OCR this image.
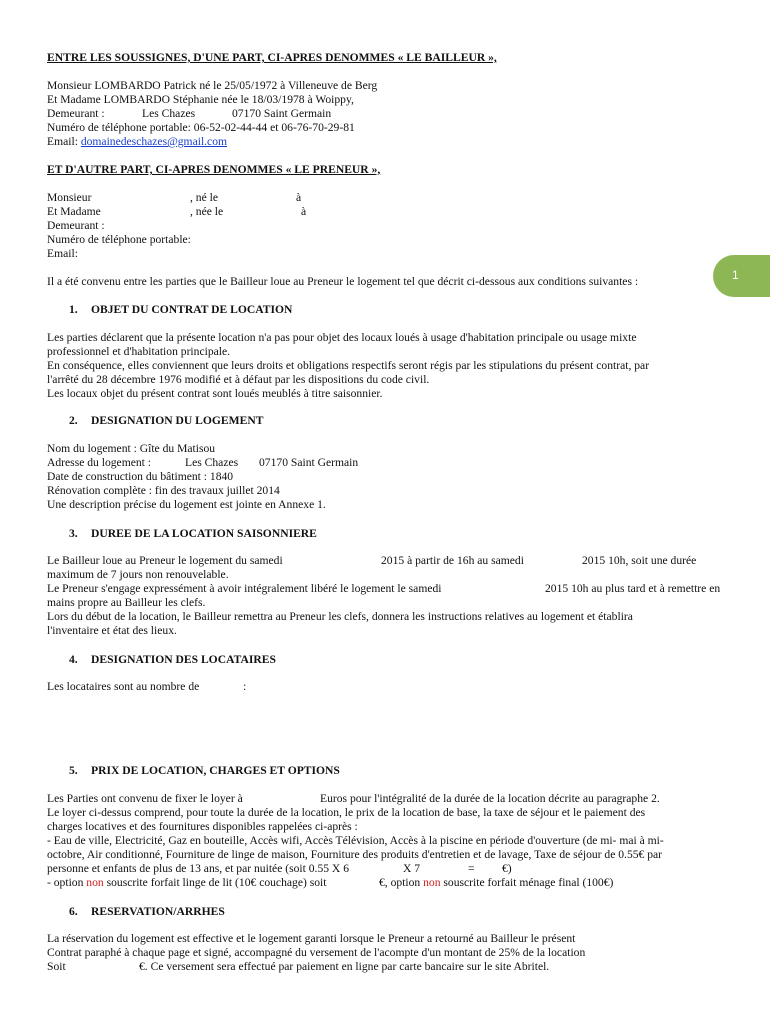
ENTRE LES SOUSSIGNES, D'UNE PART, CI-APRES DENOMMES « LE BAILLEUR »,
Monsieur LOMBARDO Patrick né le 25/05/1972 à Villeneuve de Berg
Et Madame LOMBARDO Stéphanie née le 18/03/1978 à Woippy,
Demeurant :	Les Chazes	07170 Saint Germain
Numéro de téléphone portable: 06-52-02-44-44 et 06-76-70-29-81
Email: domainedeschazes@gmail.com
ET D'AUTRE PART, CI-APRES DENOMMES « LE PRENEUR »,
Monsieur	, né le	à
Et Madame	, née le	à
Demeurant :
Numéro de téléphone portable:
Email:
Il a été convenu entre les parties que le Bailleur loue au Preneur le logement tel que décrit ci-dessous aux conditions suivantes :
1. OBJET DU CONTRAT DE LOCATION
Les parties déclarent que la présente location n'a pas pour objet des locaux loués à usage d'habitation principale ou usage mixte
professionnel et d'habitation principale.
En conséquence, elles conviennent que leurs droits et obligations respectifs seront régis par les stipulations du présent contrat, par
l'arrêté du 28 décembre 1976 modifié et à défaut par les dispositions du code civil.
Les locaux objet du présent contrat sont loués meublés à titre saisonnier.
2. DESIGNATION DU LOGEMENT
Nom du logement : Gîte du Matisou
Adresse du logement :	Les Chazes 07170 Saint Germain
Date de construction du bâtiment : 1840
Rénovation complète : fin des travaux juillet 2014
Une description précise du logement est jointe en Annexe 1.
3. DUREE DE LA LOCATION SAISONNIERE
Le Bailleur loue au Preneur le logement du samedi	2015 à partir de 16h au samedi	2015 10h, soit une durée
maximum de 7 jours non renouvelable.
Le Preneur s'engage expressément à avoir intégralement libéré le logement le samedi	2015 10h au plus tard et à remettre en
mains propre au Bailleur les clefs.
Lors du début de la location, le Bailleur remettra au Preneur les clefs, donnera les instructions relatives au logement et établira
l'inventaire et état des lieux.
4. DESIGNATION DES LOCATAIRES
Les locataires sont au nombre de	:
5. PRIX DE LOCATION, CHARGES ET OPTIONS
Les Parties ont convenu de fixer le loyer à	Euros pour l'intégralité de la durée de la location décrite au paragraphe 2.
Le loyer ci-dessus comprend, pour toute la durée de la location, le prix de la location de base, la taxe de séjour et le paiement des
charges locatives et des fournitures disponibles rappelées ci-après :
- Eau de ville, Electricité, Gaz en bouteille, Accès wifi, Accès Télévision, Accès à la piscine en période d'ouverture (de mi- mai à mi-
octobre, Air conditionné, Fourniture de linge de maison, Fourniture des produits d'entretien et de lavage, Taxe de séjour de 0.55€ par
personne et enfants de plus de 13 ans, et par nuitée (soit 0.55 X 6	X 7	= €)
- option non souscrite forfait linge de lit (10€ couchage) soit	€, option non souscrite forfait ménage final (100€)
6. RESERVATION/ARRHES
La réservation du logement est effective et le logement garanti lorsque le Preneur a retourné au Bailleur le présent
Contrat paraphé à chaque page et signé, accompagné du versement de l'acompte d'un montant de 25% de la location
Soit	€. Ce versement sera effectué par paiement en ligne par carte bancaire sur le site Abritel.
1
